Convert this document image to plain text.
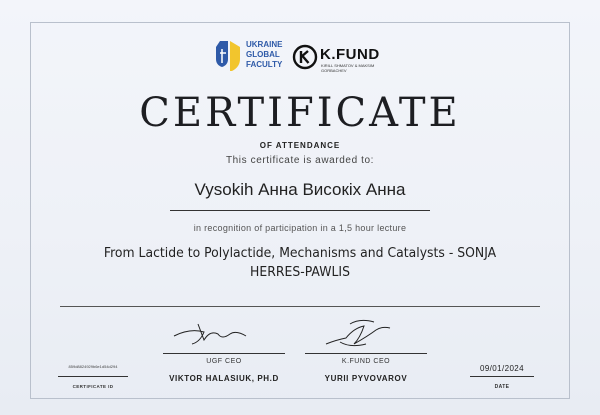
UKRAINE
GLOBAL
FACULTY
K.FUND
KIRILL SHMATOV & MAKSIM GORBACHEV
CERTIFICATE
OF ATTENDANCE
This certificate is awarded to:
Vysokih Анна Високіх Анна
in recognition of participation in a 1,5 hour lecture
From Lactide to Polylactide, Mechanisms and Catalysts - SONJA HERRES-PAWLIS
UGF CEO
VIKTOR HALASIUK, PH.D
K.FUND CEO
YURII PYVOVAROV
859d8824929b6e1d54d294
CERTIFICATE ID
09/01/2024
DATE
